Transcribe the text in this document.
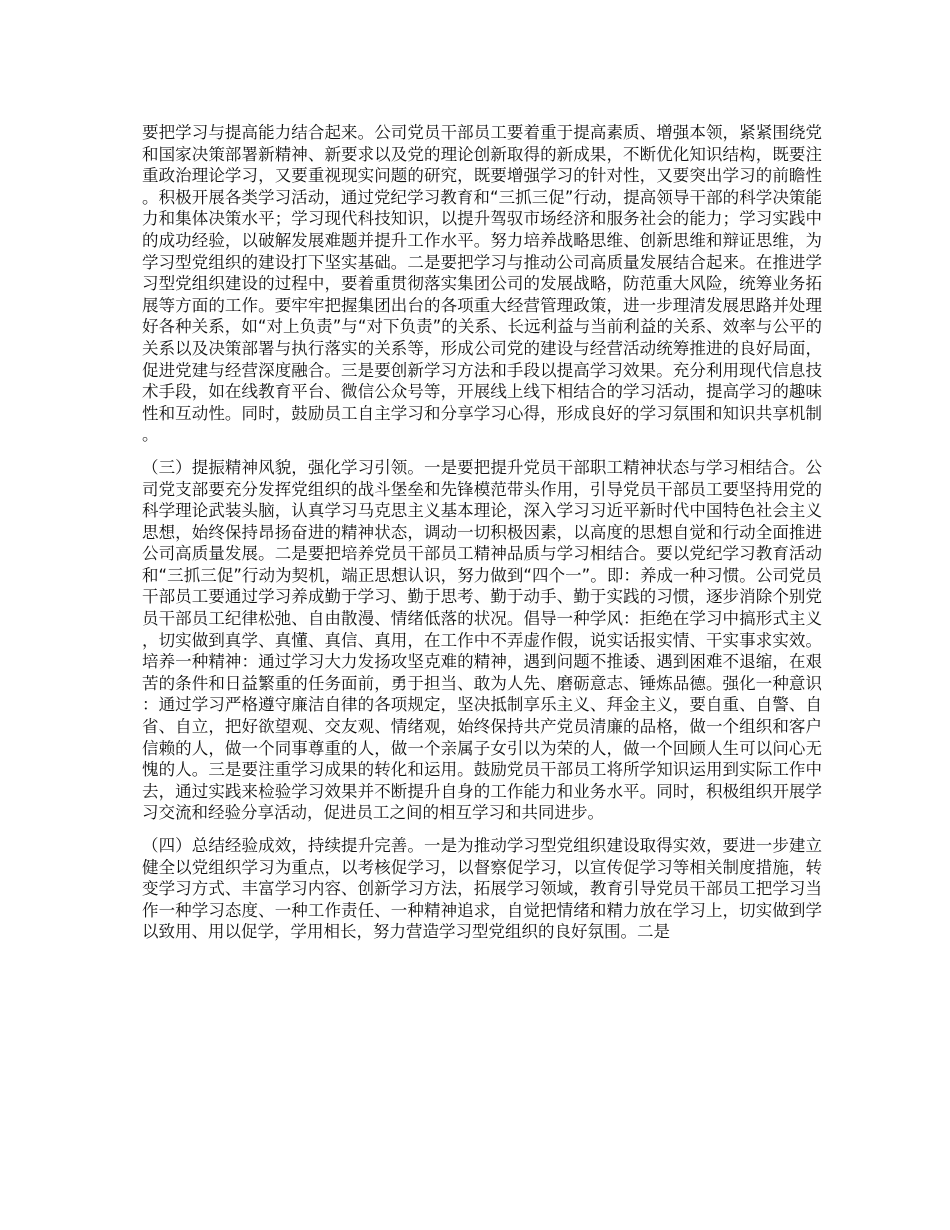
要把学习与提高能力结合起来。公司党员干部员工要着重于提高素质、增强本领，紧紧围绕党和国家决策部署新精神、新要求以及党的理论创新取得的新成果，不断优化知识结构，既要注重政治理论学习，又要重视现实问题的研究，既要增强学习的针对性，又要突出学习的前瞻性。积极开展各类学习活动，通过党纪学习教育和“三抓三促”行动，提高领导干部的科学决策能力和集体决策水平；学习现代科技知识，以提升驾驭市场经济和服务社会的能力；学习实践中的成功经验，以破解发展难题并提升工作水平。努力培养战略思维、创新思维和辩证思维，为学习型党组织的建设打下坚实基础。二是要把学习与推动公司高质量发展结合起来。在推进学习型党组织建设的过程中，要着重贯彻落实集团公司的发展战略，防范重大风险，统筹业务拓展等方面的工作。要牢牢把握集团出台的各项重大经营管理政策，进一步理清发展思路并处理好各种关系，如“对上负责”与“对下负责”的关系、长远利益与当前利益的关系、效率与公平的关系以及决策部署与执行落实的关系等，形成公司党的建设与经营活动统筹推进的良好局面，促进党建与经营深度融合。三是要创新学习方法和手段以提高学习效果。充分利用现代信息技术手段，如在线教育平台、微信公众号等，开展线上线下相结合的学习活动，提高学习的趣味性和互动性。同时，鼓励员工自主学习和分享学习心得，形成良好的学习氛围和知识共享机制。

（三）提振精神风貌，强化学习引领。一是要把提升党员干部职工精神状态与学习相结合。公司党支部要充分发挥党组织的战斗堡垒和先锋模范带头作用，引导党员干部员工要坚持用党的科学理论武装头脑，认真学习马克思主义基本理论，深入学习习近平新时代中国特色社会主义思想，始终保持昂扬奋进的精神状态，调动一切积极因素，以高度的思想自觉和行动全面推进公司高质量发展。二是要把培养党员干部员工精神品质与学习相结合。要以党纪学习教育活动和“三抓三促”行动为契机，端正思想认识，努力做到“四个一”。即：养成一种习惯。公司党员干部员工要通过学习养成勤于学习、勤于思考、勤于动手、勤于实践的习惯，逐步消除个别党员干部员工纪律松弛、自由散漫、情绪低落的状况。倡导一种学风：拒绝在学习中搞形式主义，切实做到真学、真懂、真信、真用，在工作中不弄虚作假，说实话报实情、干实事求实效。培养一种精神：通过学习大力发扬攻坚克难的精神，遇到问题不推诿、遇到困难不退缩，在艰苦的条件和日益繁重的任务面前，勇于担当、敢为人先、磨砺意志、锤炼品德。强化一种意识：通过学习严格遵守廉洁自律的各项规定，坚决抵制享乐主义、拜金主义，要自重、自警、自省、自立，把好欲望观、交友观、情绪观，始终保持共产党员清廉的品格，做一个组织和客户信赖的人，做一个同事尊重的人，做一个亲属子女引以为荣的人，做一个回顾人生可以问心无愧的人。三是要注重学习成果的转化和运用。鼓励党员干部员工将所学知识运用到实际工作中去，通过实践来检验学习效果并不断提升自身的工作能力和业务水平。同时，积极组织开展学习交流和经验分享活动，促进员工之间的相互学习和共同进步。

（四）总结经验成效，持续提升完善。一是为推动学习型党组织建设取得实效，要进一步建立健全以党组织学习为重点，以考核促学习，以督察促学习，以宣传促学习等相关制度措施，转变学习方式、丰富学习内容、创新学习方法，拓展学习领域，教育引导党员干部员工把学习当作一种学习态度、一种工作责任、一种精神追求，自觉把情绪和精力放在学习上，切实做到学以致用、用以促学，学用相长，努力营造学习型党组织的良好氛围。二是
